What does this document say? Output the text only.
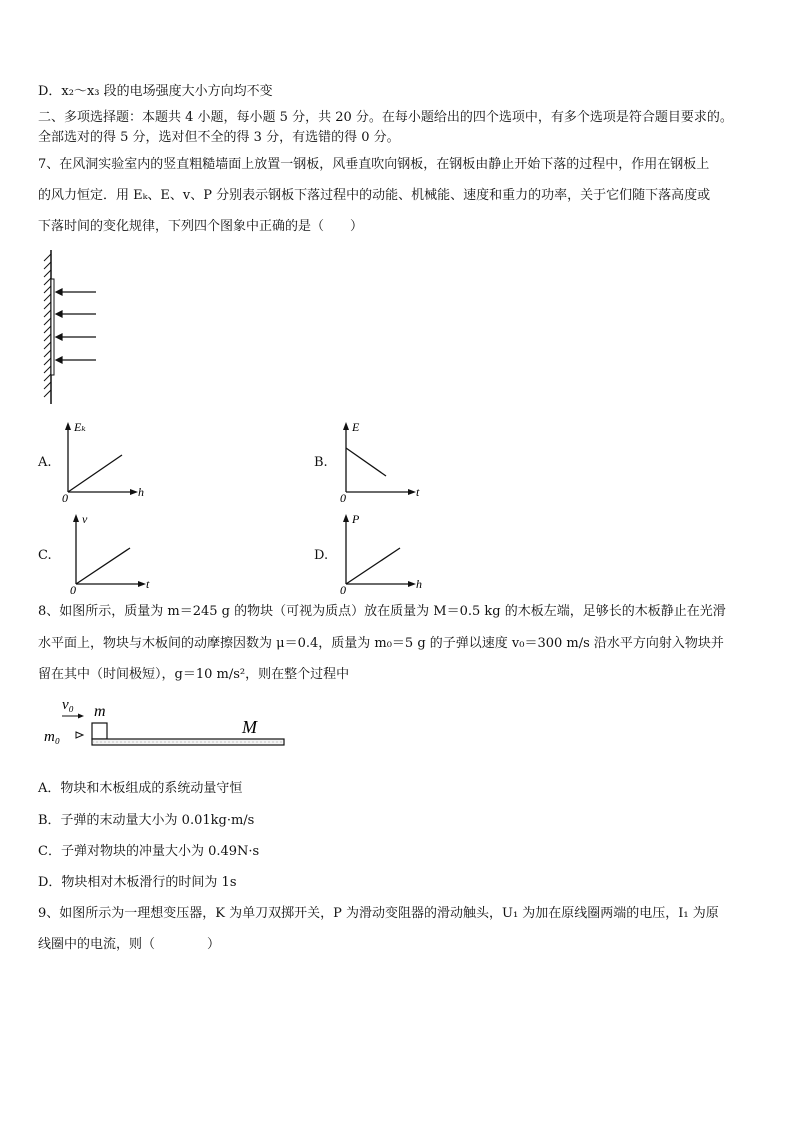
D．x₂～x₃ 段的电场强度大小方向均不变
二、多项选择题：本题共 4 小题，每小题 5 分，共 20 分。在每小题给出的四个选项中，有多个选项是符合题目要求的。
全部选对的得 5 分，选对但不全的得 3 分，有选错的得 0 分。
7、在风洞实验室内的竖直粗糙墙面上放置一钢板，风垂直吹向钢板，在钢板由静止开始下落的过程中，作用在钢板上
的风力恒定．用 Eₖ、E、v、P 分别表示钢板下落过程中的动能、机械能、速度和重力的功率，关于它们随下落高度或
下落时间的变化规律，下列四个图象中正确的是（　　）
A.
Eₖ
h
0
B.
E
t
0
C.
v
t
0
D.
P
h
0
8、如图所示，质量为 m＝245 g 的物块（可视为质点）放在质量为 M＝0.5 kg 的木板左端，足够长的木板静止在光滑
水平面上，物块与木板间的动摩擦因数为 μ＝0.4，质量为 m₀＝5 g 的子弹以速度 v₀＝300 m/s 沿水平方向射入物块并
留在其中（时间极短），g＝10 m/s²，则在整个过程中
v₀ m
m₀	M
A．物块和木板组成的系统动量守恒
B．子弹的末动量大小为 0.01kg·m/s
C．子弹对物块的冲量大小为 0.49N·s
D．物块相对木板滑行的时间为 1s
9、如图所示为一理想变压器，K 为单刀双掷开关，P 为滑动变阻器的滑动触头，U₁ 为加在原线圈两端的电压，I₁ 为原
线圈中的电流，则（　　　　）
